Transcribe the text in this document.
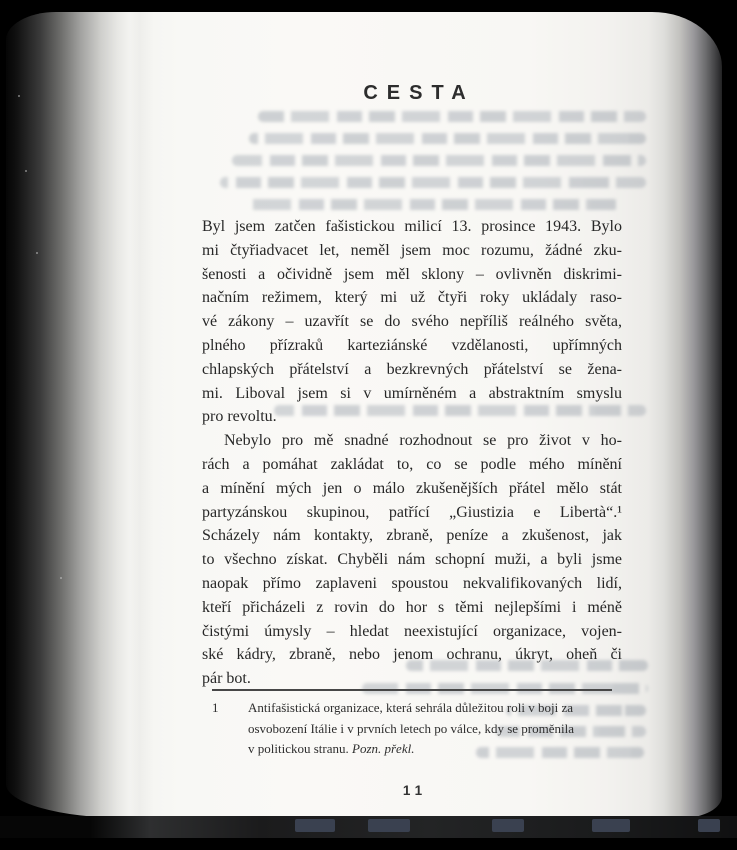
CESTA
Byl jsem zatčen fašistickou milicí 13. prosince 1943. Bylo
mi čtyřiadvacet let, neměl jsem moc rozumu, žádné zku-
šenosti a očividně jsem měl sklony – ovlivněn diskrimi-
načním režimem, který mi už čtyři roky ukládaly raso-
vé zákony – uzavřít se do svého nepříliš reálného světa,
plného přízraků karteziánské vzdělanosti, upřímných
chlapských přátelství a bezkrevných přátelství se žena-
mi. Liboval jsem si v umírněném a abstraktním smyslu
pro revoltu.
Nebylo pro mě snadné rozhodnout se pro život v ho-
rách a pomáhat zakládat to, co se podle mého mínění
a mínění mých jen o málo zkušenějších přátel mělo stát
partyzánskou skupinou, patřící „Giustizia e Libertà“.¹
Scházely nám kontakty, zbraně, peníze a zkušenost, jak
to všechno získat. Chyběli nám schopní muži, a byli jsme
naopak přímo zaplaveni spoustou nekvalifikovaných lidí,
kteří přicházeli z rovin do hor s těmi nejlepšími i méně
čistými úmysly – hledat neexistující organizace, vojen-
ské kádry, zbraně, nebo jenom ochranu, úkryt, oheň či
pár bot.
1	Antifašistická organizace, která sehrála důležitou roli v boji za
osvobození Itálie i v prvních letech po válce, kdy se proměnila
v politickou stranu. Pozn. překl.
11
